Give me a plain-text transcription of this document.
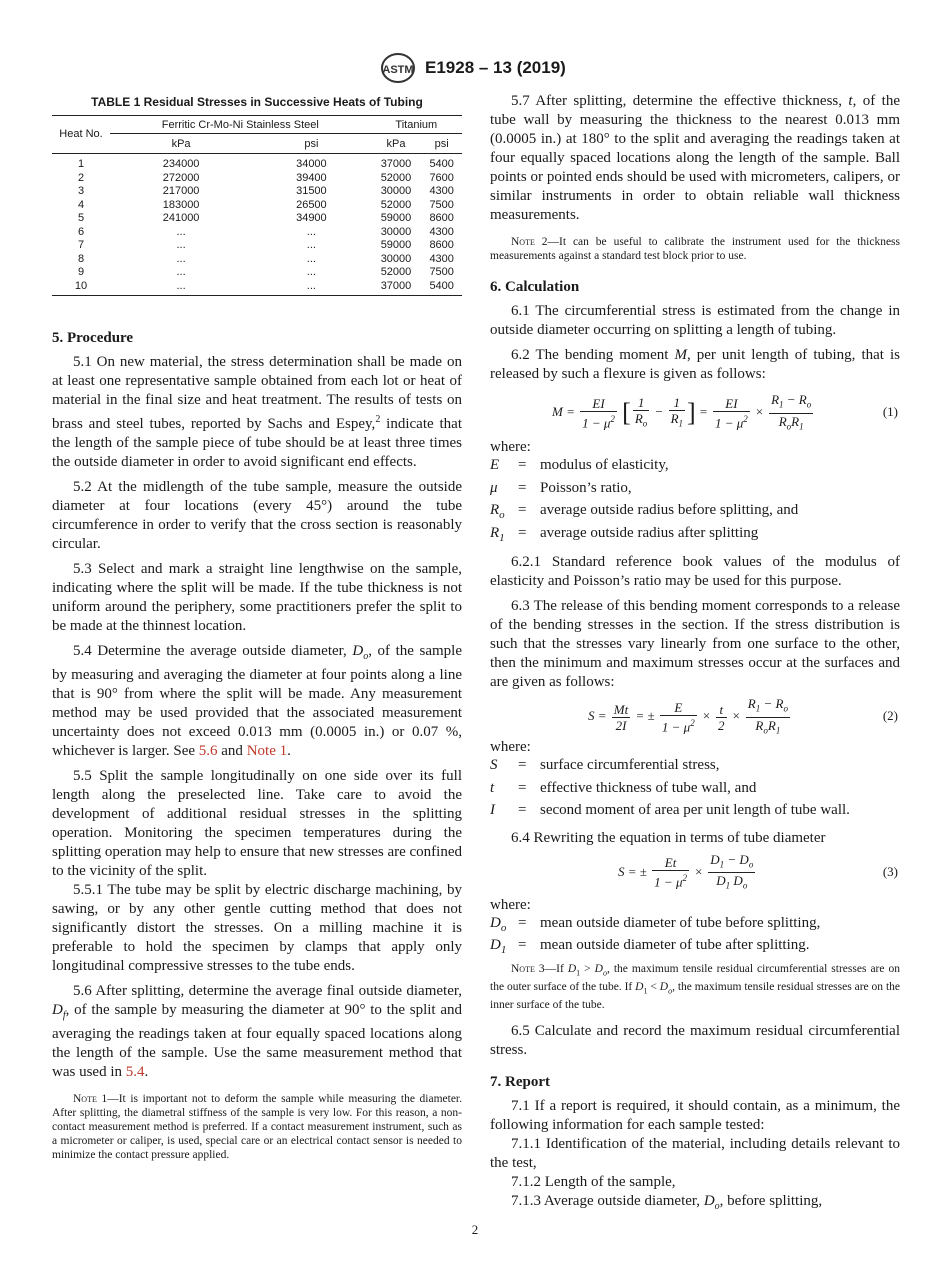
ASTM E1928 – 13 (2019)
TABLE 1 Residual Stresses in Successive Heats of Tubing
Heat No.	Ferritic Cr-Mo-Ni Stainless Steel		Titanium	

	kPa	psi	kPa	psi
1	234000	34000	37000	5400
2	272000	39400	52000	7600
3	217000	31500	30000	4300
4	183000	26500	52000	7500
5	241000	34900	59000	8600
6	...	...	30000	4300
7	...	...	59000	8600
8	...	...	30000	4300
9	...	...	52000	7500
10	...	...	37000	5400
5. Procedure

5.1 On new material, the stress determination shall be made on at least one representative sample obtained from each lot or heat of material in the final size and heat treatment. The results of tests on brass and steel tubes, reported by Sachs and Espey,$^2$ indicate that the length of the sample piece of tube should be at least three times the outside diameter in order to avoid significant end effects.

5.2 At the midlength of the tube sample, measure the outside diameter at four locations (every 45°) around the tube circumference in order to verify that the cross section is reasonably circular.

5.3 Select and mark a straight line lengthwise on the sample, indicating where the split will be made. If the tube thickness is not uniform around the periphery, some practitioners prefer the split to be made at the thinnest location.

5.4 Determine the average outside diameter, $D_o$, of the sample by measuring and averaging the diameter at four points along a line that is 90° from where the split will be made. Any measurement method may be used provided that the associated measurement uncertainty does not exceed 0.013 mm (0.0005 in.) or 0.07 %, whichever is larger. See 5.6 and Note 1.

5.5 Split the sample longitudinally on one side over its full length along the preselected line. Take care to avoid the development of additional residual stresses in the splitting operation. Monitoring the specimen temperatures during the splitting operation may help to ensure that new stresses are confined to the vicinity of the split.

5.5.1 The tube may be split by electric discharge machining, by sawing, or by any other gentle cutting method that does not significantly distort the stresses. On a milling machine it is preferable to hold the specimen by clamps that apply only longitudinal compressive stresses to the tube ends.

5.6 After splitting, determine the average final outside diameter, $D_f$, of the sample by measuring the diameter at 90° to the split and averaging the readings taken at four equally spaced locations along the length of the sample. Use the same measurement method that was used in 5.4.

Note 1—It is important not to deform the sample while measuring the diameter. After splitting, the diametral stiffness of the sample is very low. For this reason, a non-contact measurement method is preferred. If a contact measurement instrument, such as a micrometer or caliper, is used, special care or an electrical contact sensor is needed to minimize the contact pressure applied.

5.7 After splitting, determine the effective thickness, t, of the tube wall by measuring the thickness to the nearest 0.013 mm (0.0005 in.) at 180° to the split and averaging the readings taken at four equally spaced locations along the length of the sample. Ball points or pointed ends should be used with micrometers, calipers, or similar instruments in order to obtain reliable wall thickness measurements.

Note 2—It can be useful to calibrate the instrument used for the thickness measurements against a standard test block prior to use.

6. Calculation

6.1 The circumferential stress is estimated from the change in outside diameter occurring on splitting a length of tubing.

6.2 The bending moment M, per unit length of tubing, that is released by such a flexure is given as follows:

$M = \frac{EI}{1 - \mu^2}$ [ $\frac{1}{R_o} - \frac{1}{R_1}$ ] = $\frac{EI}{1 - \mu^2} \times \frac{R_1 - R_o}{R_oR_1}$	(1)

where:

E	= modulus of elasticity,
μ	= Poisson’s ratio,
$R_o$ = average outside radius before splitting, and
$R_1$ = average outside radius after splitting

6.2.1 Standard reference book values of the modulus of elasticity and Poisson’s ratio may be used for this purpose.

6.3 The release of this bending moment corresponds to a release of the bending stresses in the section. If the stress distribution is such that the stresses vary linearly from one surface to the other, then the minimum and maximum stresses occur at the surfaces and are given as follows:

$S = \frac{Mt}{2I}$ = ± $\frac{E}{1 - \mu^2} \times \frac{t}{2} \times \frac{R_1 - R_o}{R_oR_1}$	(2)

where:

S	= surface circumferential stress,
t	= effective thickness of tube wall, and
I	= second moment of area per unit length of tube wall.

6.4 Rewriting the equation in terms of tube diameter

S = ± $\frac{Et}{1 - \mu^2} \times \frac{D_1 - D_o}{D_1 D_o}$	(3)

where:

$D_o$ = mean outside diameter of tube before splitting,
$D_1$ = mean outside diameter of tube after splitting.

Note 3—If $D_1 > D_o$, the maximum tensile residual circumferential stresses are on the outer surface of the tube. If $D_1 < D_o$, the maximum tensile residual stresses are on the inner surface of the tube.

6.5 Calculate and record the maximum residual circumferential stress.

7. Report

7.1 If a report is required, it should contain, as a minimum, the following information for each sample tested:

7.1.1 Identification of the material, including details relevant to the test,

7.1.2 Length of the sample,

7.1.3 Average outside diameter, $D_o$, before splitting,

2
